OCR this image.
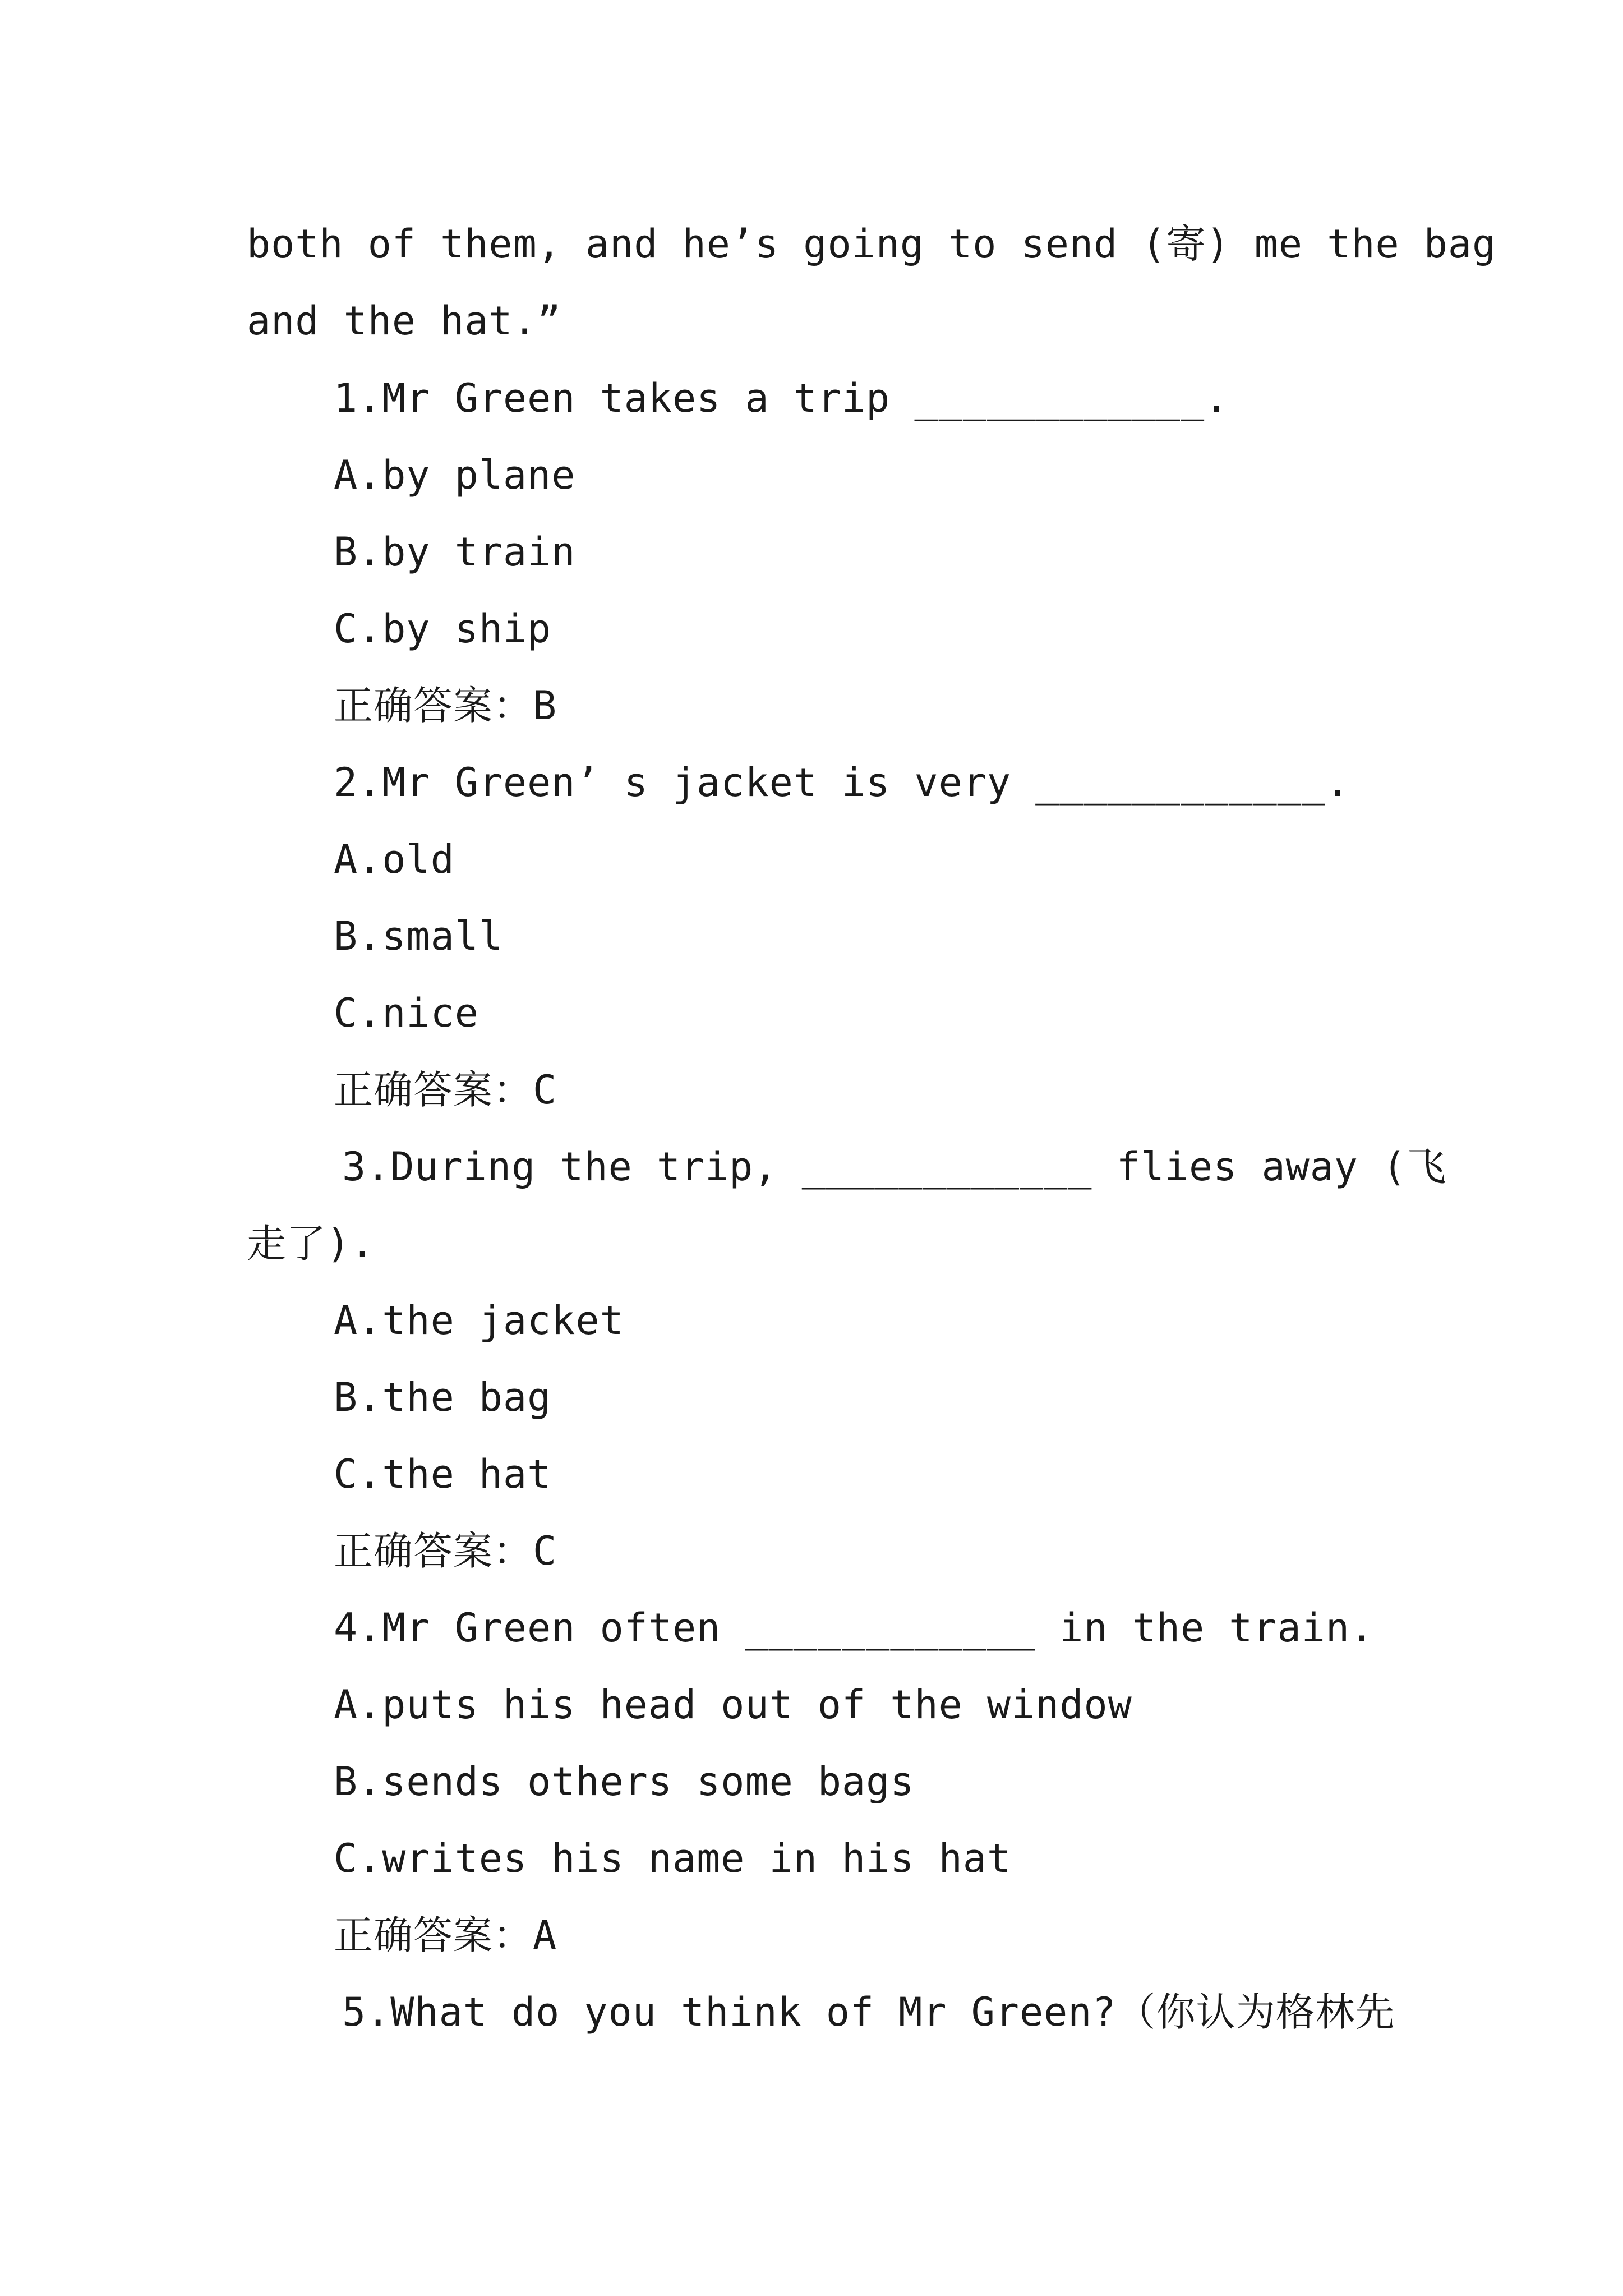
both of them, and he’s going to send (寄) me the bag
and the hat.”
1.Mr Green takes a trip ____________.
A.by plane
B.by train
C.by ship
正确答案：B
2.Mr Green’ s jacket is very ____________.
A.old
B.small
C.nice
正确答案：C
3.During the trip, ____________ flies away (飞
走了).
A.the jacket
B.the bag
C.the hat
正确答案：C
4.Mr Green often ____________ in the train.
A.puts his head out of the window
B.sends others some bags
C.writes his name in his hat
正确答案：A
5.What do you think of Mr Green?（你认为格林先
